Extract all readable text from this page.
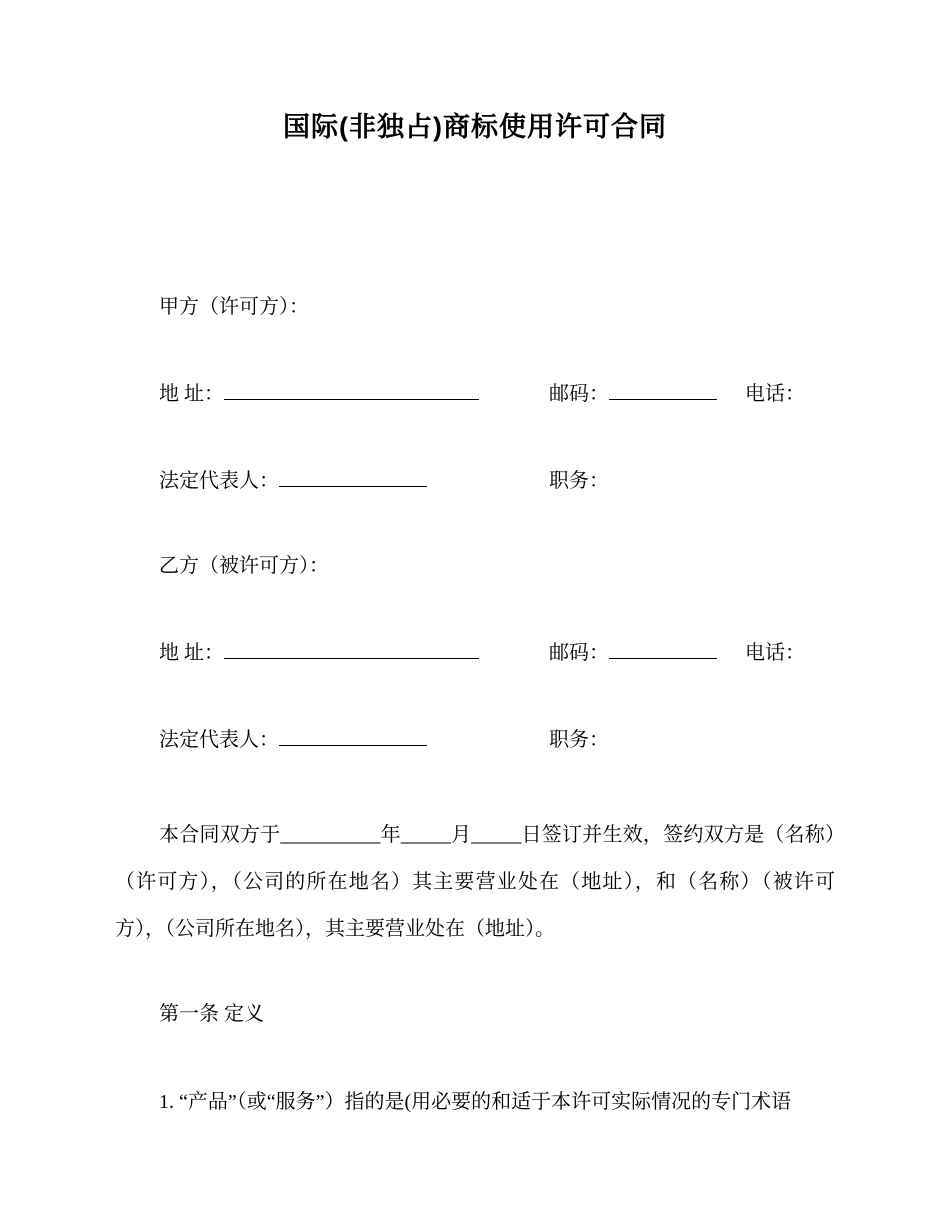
国际(非独占)商标使用许可合同
甲方（许可方）：
地 址：	邮码：	电话：
法定代表人：	职务：
乙方（被许可方）：
地 址：	邮码：	电话：
法定代表人：	职务：

本合同双方于__________年_____月_____日签订并生效，签约双方是（名称）（许可方），（公司的所在地名）其主要营业处在（地址），和（名称）（被许可方），（公司所在地名），其主要营业处在（地址）。

第一条 定义
1. “产品”（或“服务”）指的是(用必要的和适于本许可实际情况的专门术语
